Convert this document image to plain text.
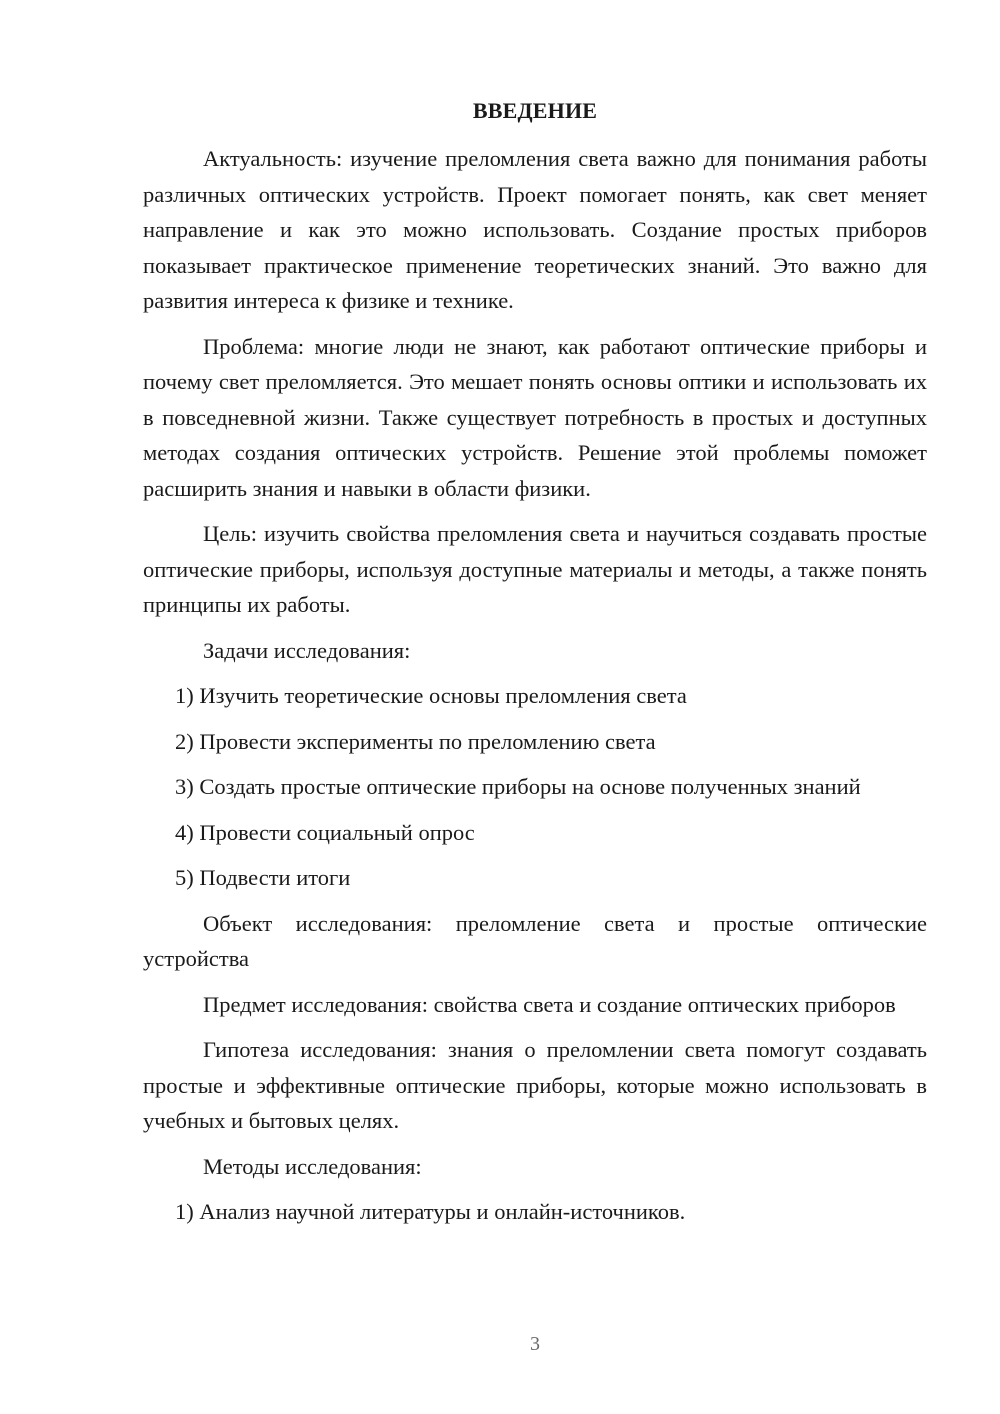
ВВЕДЕНИЕ

Актуальность: изучение преломления света важно для понимания работы различных оптических устройств. Проект помогает понять, как свет меняет направление и как это можно использовать. Создание простых приборов показывает практическое применение теоретических знаний. Это важно для развития интереса к физике и технике.

Проблема: многие люди не знают, как работают оптические приборы и почему свет преломляется. Это мешает понять основы оптики и использовать их в повседневной жизни. Также существует потребность в простых и доступных методах создания оптических устройств. Решение этой проблемы поможет расширить знания и навыки в области физики.

Цель: изучить свойства преломления света и научиться создавать простые оптические приборы, используя доступные материалы и методы, а также понять принципы их работы.

Задачи исследования:

1) Изучить теоретические основы преломления света

2) Провести эксперименты по преломлению света

3) Создать простые оптические приборы на основе полученных знаний

4) Провести социальный опрос

5) Подвести итоги

Объект исследования: преломление света и простые оптические устройства

Предмет исследования: свойства света и создание оптических приборов

Гипотеза исследования: знания о преломлении света помогут создавать простые и эффективные оптические приборы, которые можно использовать в учебных и бытовых целях.

Методы исследования:

1) Анализ научной литературы и онлайн-источников.

3
